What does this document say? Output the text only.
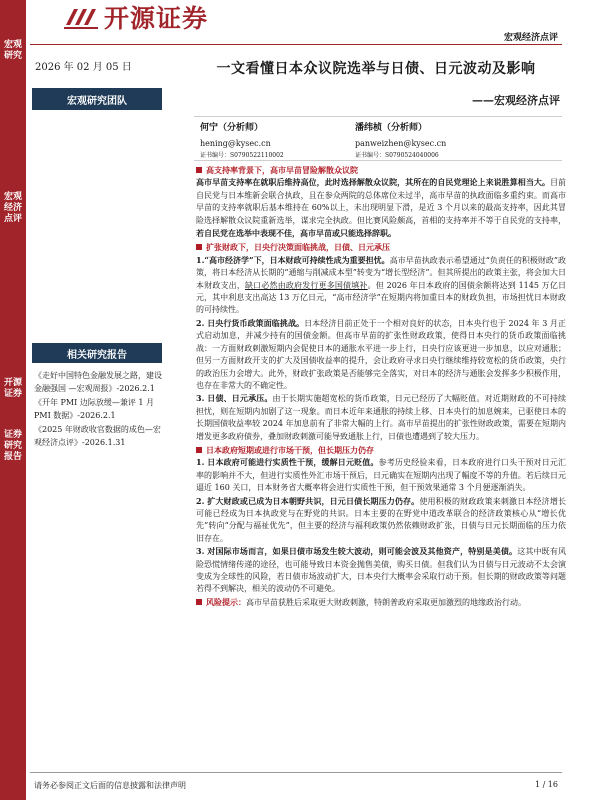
宏观研究
宏观经济点评
开源证券
证券研究报告
开源证券
宏观经济点评
2026 年 02 月 05 日
宏观研究团队
相关研究报告
《走好中国特色金融发展之路，建设金融强国 —宏观周报》-2026.2.1
《开年 PMI 边际放缓—兼评 1 月 PMI 数据》-2026.2.1
《2025 年财政收官数据的成色—宏观经济点评》-2026.1.31
一文看懂日本众议院选举与日债、日元波动及影响
——宏观经济点评
何宁（分析师）
hening@kysec.cn
证书编号：S0790522110002
潘纬桢（分析师）
panweizhen@kysec.cn
证书编号：S0790524040006
高支持率背景下，高市早苗冒险解散众议院

高市早苗支持率在就职后维持高位，此时选择解散众议院，其所在的自民党理论上来说胜算相当大。目前自民党与日本维新会联合执政，且在参众两院的总体席位未过半，高市早苗的执政面临多重约束。而高市早苗的支持率就职后基本维持在 60%以上，未出现明显下滑，是近 3 个月以来的最高支持率，因此其冒险选择解散众议院重新选举，谋求完全执政。但比赛风险颇高，首相的支持率并不等于自民党的支持率，若自民党在选举中表现不佳，高市早苗或只能选择辞职。

扩张财政下，日央行决策面临挑战，日债、日元承压

1.“高市经济学”下，日本财政可持续性成为重要担忧。高市早苗执政表示希望通过“负责任的积极财政”政策，将日本经济从长期的“通缩与削减成本型”转变为“增长型经济”。但其所提出的政策主张，将会加大日本财政支出，缺口必然由政府发行更多国债填补。但 2026 年日本政府的国债余额将达到 1145 万亿日元，其中利息支出高达 13 万亿日元，“高市经济学”在短期内将加重日本的财政负担，市场担忧日本财政的可持续性。

2. 日央行货币政策面临挑战。日本经济目前正处于一个相对良好的状态，日本央行也于 2024 年 3 月正式启动加息，并减少持有的国债金额。但高市早苗的扩张性财政政策，使得日本央行的货币政策面临挑战：一方面财政刺激短期内会促使日本的通胀水平进一步上行，日央行应该更进一步加息，以应对通胀；但另一方面财政开支的扩大及国债收益率的提升，会让政府寻求日央行继续维持较宽松的货币政策，央行的政治压力会增大。此外，财政扩张政策是否能够完全落实，对日本的经济与通胀会发挥多少积极作用，也存在非常大的不确定性。

3. 日债、日元承压。由于长期实施超宽松的货币政策，日元已经历了大幅贬值。对近期财政的不可持续担忧，则在短期内加剧了这一现象。而日本近年来通胀的持续上移、日本央行的加息婉来，已驱使日本的长期国债收益率较 2024 年加息前有了非常大幅的上行。高市早苗提出的扩张性财政政策，需要在短期内增发更多政府债券，叠加财政刺激可能导致通胀上行，日债也遭遇到了较大压力。

日本政府短期或进行市场干预，但长期压力仍存

1. 日本政府可能进行实质性干预，缓解日元贬值。参考历史经验来看，日本政府进行口头干预对日元汇率的影响并不大，但进行实质性外汇市场干预后，日元确实在短期内出现了幅度不等的升值。若后续日元逼近 160 关口，日本财务省大概率将会进行实质性干预，但干预效果通常 3 个月便逐渐消失。

2. 扩大财政或已成为日本朝野共识，日元日债长期压力仍存。使用积极的财政政策来刺激日本经济增长可能已经成为日本执政党与在野党的共识。日本主要的在野党中道改革联合的经济政策核心从“增长优先”转向“分配与福祉优先”，但主要的经济与福利政策仍然依赖财政扩张，日债与日元长期面临的压力依旧存在。

3. 对国际市场而言，如果日债市场发生较大波动，则可能会波及其他资产，特别是美债。这其中既有风险恐慌情绪传递的途径，也可能导致日本资金抛售美债，购买日债。但我们认为日债与日元波动不太会演变成为全球性的风险，若日债市场波动扩大，日本央行大概率会采取行动干预。但长期的财政政策等问题若得不到解决，相关的波动仍不可避免。

风险提示： 高市早苗获胜后采取更大财政刺激，特朗普政府采取更加激烈的地缘政治行动。

请务必参阅正文后面的信息披露和法律声明	1 / 16
